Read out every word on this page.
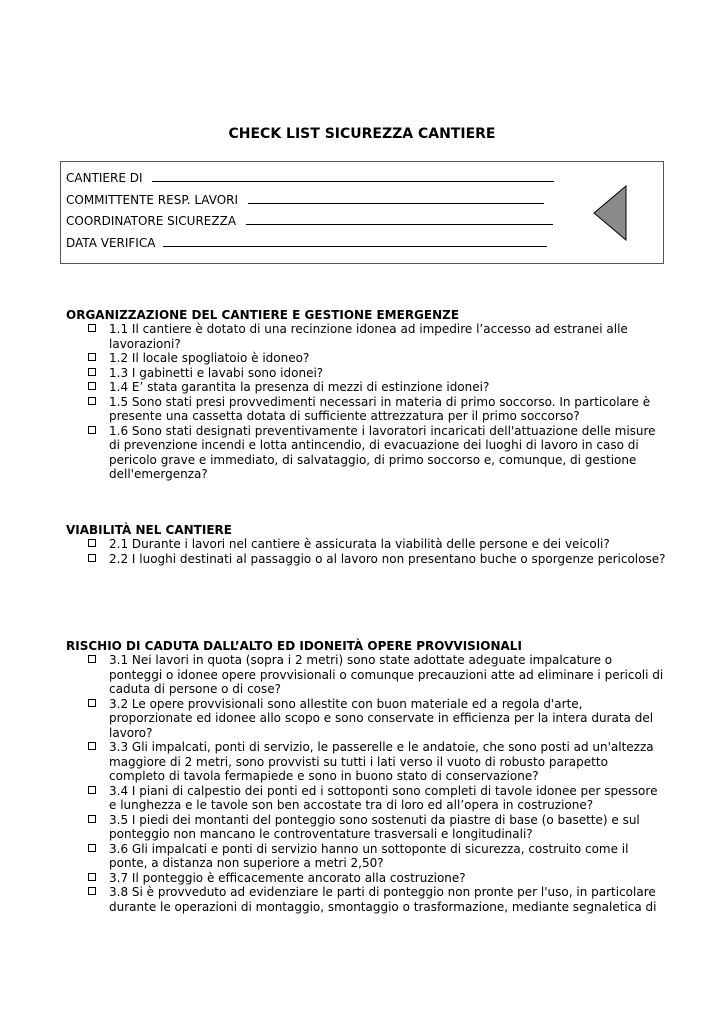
CHECK LIST SICUREZZA CANTIERE
CANTIERE DI
COMMITTENTE RESP. LAVORI
COORDINATORE SICUREZZA
DATA VERIFICA
ORGANIZZAZIONE DEL CANTIERE E GESTIONE EMERGENZE
1.1 Il cantiere è dotato di una recinzione idonea ad impedire l’accesso ad estranei alle lavorazioni?
1.2 Il locale spogliatoio è idoneo?
1.3 I gabinetti e lavabi sono idonei?
1.4 E’ stata garantita la presenza di mezzi di estinzione idonei?
1.5 Sono stati presi provvedimenti necessari in materia di primo soccorso. In particolare è presente una cassetta dotata di sufficiente attrezzatura per il primo soccorso?
1.6 Sono stati designati preventivamente i lavoratori incaricati dell'attuazione delle misure di prevenzione incendi e lotta antincendio, di evacuazione dei luoghi di lavoro in caso di pericolo grave e immediato, di salvataggio, di primo soccorso e, comunque, di gestione dell'emergenza?
VIABILITÀ NEL CANTIERE
2.1 Durante i lavori nel cantiere è assicurata la viabilità delle persone e dei veicoli?
2.2 I luoghi destinati al passaggio o al lavoro non presentano buche o sporgenze pericolose?
RISCHIO DI CADUTA DALL’ALTO ED IDONEITÀ OPERE PROVVISIONALI
3.1 Nei lavori in quota (sopra i 2 metri) sono state adottate adeguate impalcature o ponteggi o idonee opere provvisionali o comunque precauzioni atte ad eliminare i pericoli di caduta di persone o di cose?
3.2 Le opere provvisionali sono allestite con buon materiale ed a regola d'arte, proporzionate ed idonee allo scopo e sono conservate in efficienza per la intera durata del lavoro?
3.3 Gli impalcati, ponti di servizio, le passerelle e le andatoie, che sono posti ad un'altezza maggiore di 2 metri, sono provvisti su tutti i lati verso il vuoto di robusto parapetto completo di tavola fermapiede e sono in buono stato di conservazione?
3.4 I piani di calpestio dei ponti ed i sottoponti sono completi di tavole idonee per spessore e lunghezza e le tavole son ben accostate tra di loro ed all’opera in costruzione?
3.5 I piedi dei montanti del ponteggio sono sostenuti da piastre di base (o basette) e sul ponteggio non mancano le controventature trasversali e longitudinali?
3.6 Gli impalcati e ponti di servizio hanno un sottoponte di sicurezza, costruito come il ponte, a distanza non superiore a metri 2,50?
3.7 Il ponteggio è efficacemente ancorato alla costruzione?
3.8 Si è provveduto ad evidenziare le parti di ponteggio non pronte per l'uso, in particolare durante le operazioni di montaggio, smontaggio o trasformazione, mediante segnaletica di
